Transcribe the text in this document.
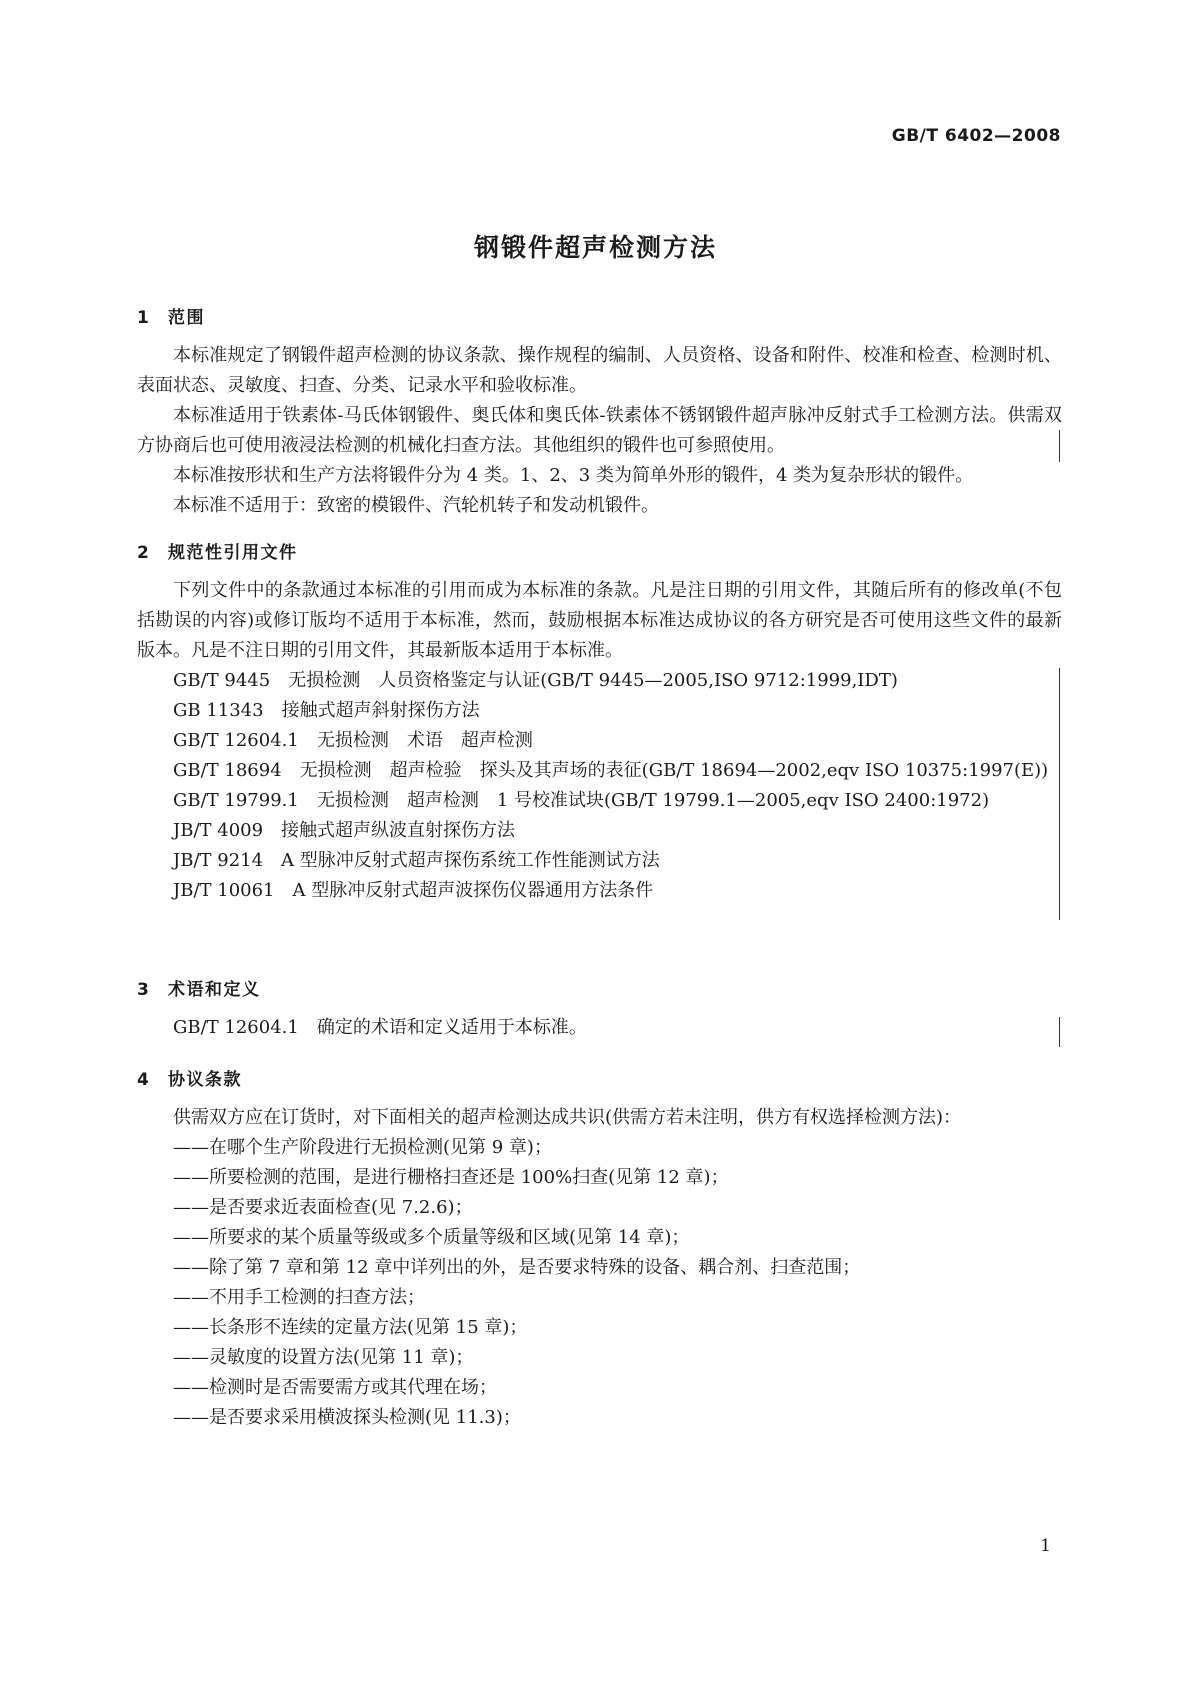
GB/T 6402—2008
钢锻件超声检测方法
1 范围

本标准规定了钢锻件超声检测的协议条款、操作规程的编制、人员资格、设备和附件、校准和检查、检测时机、表面状态、灵敏度、扫查、分类、记录水平和验收标准。

本标准适用于铁素体-马氏体钢锻件、奥氏体和奥氏体-铁素体不锈钢锻件超声脉冲反射式手工检测方法。供需双方协商后也可使用液浸法检测的机械化扫查方法。其他组织的锻件也可参照使用。

本标准按形状和生产方法将锻件分为 4 类。1、2、3 类为简单外形的锻件，4 类为复杂形状的锻件。

本标准不适用于：致密的模锻件、汽轮机转子和发动机锻件。

2 规范性引用文件

下列文件中的条款通过本标准的引用而成为本标准的条款。凡是注日期的引用文件，其随后所有的修改单(不包括勘误的内容)或修订版均不适用于本标准，然而，鼓励根据本标准达成协议的各方研究是否可使用这些文件的最新版本。凡是不注日期的引用文件，其最新版本适用于本标准。

GB/T 9445 无损检测　人员资格鉴定与认证(GB/T 9445—2005,ISO 9712:1999,IDT)

GB 11343 接触式超声斜射探伤方法

GB/T 12604.1 无损检测　术语　超声检测

GB/T 18694 无损检测　超声检验　探头及其声场的表征(GB/T 18694—2002,eqv ISO 10375:1997(E))

GB/T 19799.1 无损检测　超声检测　1 号校准试块(GB/T 19799.1—2005,eqv ISO 2400:1972)

JB/T 4009 接触式超声纵波直射探伤方法

JB/T 9214 A 型脉冲反射式超声探伤系统工作性能测试方法

JB/T 10061 A 型脉冲反射式超声波探伤仪器通用方法条件

3 术语和定义

GB/T 12604.1 确定的术语和定义适用于本标准。

4 协议条款

供需双方应在订货时，对下面相关的超声检测达成共识(供需方若未注明，供方有权选择检测方法)：

——在哪个生产阶段进行无损检测(见第 9 章)；

——所要检测的范围，是进行栅格扫查还是 100%扫查(见第 12 章)；

——是否要求近表面检查(见 7.2.6)；

——所要求的某个质量等级或多个质量等级和区域(见第 14 章)；

——除了第 7 章和第 12 章中详列出的外，是否要求特殊的设备、耦合剂、扫查范围；

——不用手工检测的扫查方法；

——长条形不连续的定量方法(见第 15 章)；

——灵敏度的设置方法(见第 11 章)；

——检测时是否需要需方或其代理在场；

——是否要求采用横波探头检测(见 11.3)；

1
